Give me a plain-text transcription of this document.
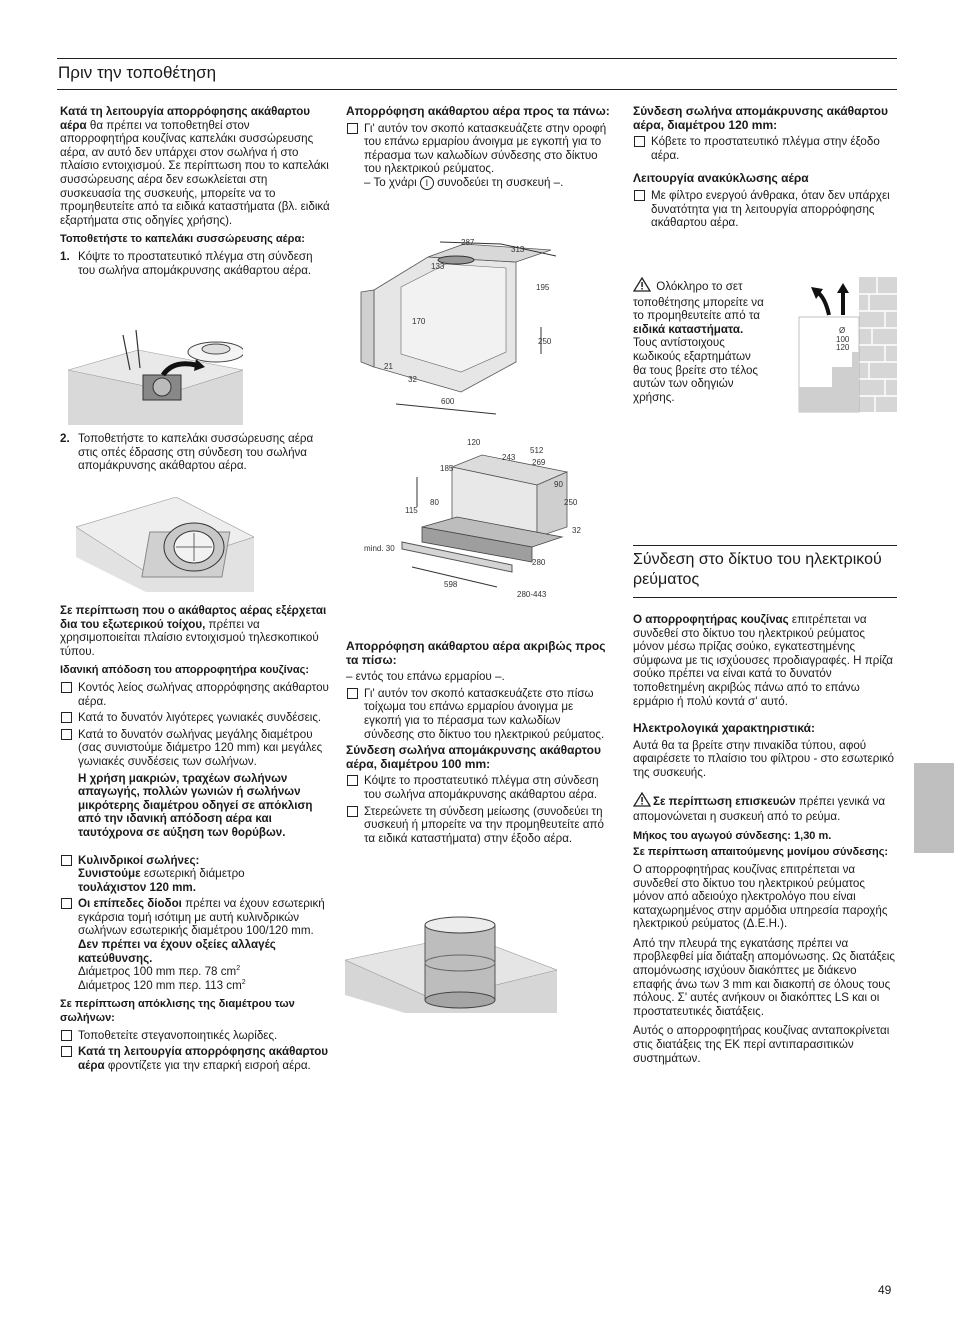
Πριν την τοποθέτηση

Κατά τη λειτουργία απορρόφησης ακάθαρτου αέρα θα πρέπει να τοποθετηθεί στον απορροφητήρα κουζίνας καπελάκι συσσώρευσης αέρα, αν αυτό δεν υπάρχει στον σωλήνα ή στο πλαίσιο εντοιχισμού. Σε περίπτωση που το καπελάκι συσσώρευσης αέρα δεν εσωκλείεται στη συσκευασία της συσκευής, μπορείτε να το προμηθευτείτε από τα ειδικά καταστήματα (βλ. ειδικά εξαρτήματα στις οδηγίες χρήσης).

Τοποθετήστε το καπελάκι συσσώρευσης αέρα:
1. Κόψτε το προστατευτικό πλέγμα στη σύνδεση του σωλήνα απομάκρυνσης ακάθαρτου αέρα.
2. Τοποθετήστε το καπελάκι συσσώρευσης αέρα στις οπές έδρασης στη σύνδεση του σωλήνα απομάκρυνσης ακάθαρτου αέρα.

Σε περίπτωση που ο ακάθαρτος αέρας εξέρχεται δια του εξωτερικού τοίχου, πρέπει να χρησιμοποιείται πλαίσιο εντοιχισμού τηλεσκοπικού τύπου.

Ιδανική απόδοση του απορροφητήρα κουζίνας:
Κοντός λείος σωλήνας απορρόφησης ακάθαρτου αέρα.
Κατά το δυνατόν λιγότερες γωνιακές συνδέσεις.
Κατά το δυνατόν σωλήνας μεγάλης διαμέτρου (σας συνιστούμε διάμετρο 120 mm) και μεγάλες γωνιακές συνδέσεις των σωλήνων.

Η χρήση μακριών, τραχέων σωλήνων απαγωγής, πολλών γωνιών ή σωλήνων μικρότερης διαμέτρου οδηγεί σε απόκλιση από την ιδανική απόδοση αέρα και ταυτόχρονα σε αύξηση των θορύβων.

Κυλινδρικοί σωλήνες:
Συνιστούμε εσωτερική διάμετρο
τουλάχιστον 120 mm.
Οι επίπεδες δίοδοι πρέπει να έχουν εσωτερική εγκάρσια τομή ισότιμη με αυτή κυλινδρικών σωλήνων εσωτερικής διαμέτρου 100/120 mm. Δεν πρέπει να έχουν οξείες αλλαγές κατεύθυνσης.
Διάμετρος 100 mm περ. 78 $cm^2$
Διάμετρος 120 mm περ. 113 $cm^2$
Σε περίπτωση απόκλισης της διαμέτρου των σωλήνων:
Τοποθετείτε στεγανοποιητικές λωρίδες.
Κατά τη λειτουργία απορρόφησης ακάθαρτου αέρα φροντίζετε για την επαρκή εισροή αέρα.
Απορρόφηση ακάθαρτου αέρα προς τα πάνω:
Γι' αυτόν τον σκοπό κατασκευάζετε στην οροφή του επάνω ερμαρίου άνοιγμα με εγκοπή για το πέρασμα των καλωδίων σύνδεσης στο δίκτυο του ηλεκτρικού ρεύματος.
– Το χνάρι I συνοδεύει τη συσκευή –.
287
313
133
195
170
250
21
32
600
120
512
243
269
185
90
80
115
250
32
mind. 30
598
280
280-443
Απορρόφηση ακάθαρτου αέρα ακριβώς προς τα πίσω:

– εντός του επάνω ερμαρίου –.

Γι' αυτόν τον σκοπό κατασκευάζετε στο πίσω τοίχωμα του επάνω ερμαρίου άνοιγμα με εγκοπή για το πέρασμα των καλωδίων σύνδεσης στο δίκτυο του ηλεκτρικού ρεύματος.
Σύνδεση σωλήνα απομάκρυνσης ακάθαρτου αέρα, διαμέτρου 100 mm:
Κόψτε το προστατευτικό πλέγμα στη σύνδεση του σωλήνα απομάκρυνσης ακάθαρτου αέρα.
Στερεώνετε τη σύνδεση μείωσης (συνοδεύει τη συσκευή ή μπορείτε να την προμηθευτείτε από τα ειδικά καταστήματα) στην έξοδο αέρα.
Σύνδεση σωλήνα απομάκρυνσης ακάθαρτου αέρα, διαμέτρου 120 mm:
Κόβετε το προστατευτικό πλέγμα στην έξοδο αέρα.
Λειτουργία ανακύκλωσης αέρα
Με φίλτρο ενεργού άνθρακα, όταν δεν υπάρχει δυνατότητα για τη λειτουργία απορρόφησης ακάθαρτου αέρα.
Ολόκληρο το σετ τοποθέτησης μπορείτε να το προμηθευτείτε από τα ειδικά καταστήματα. Τους αντίστοιχους κωδικούς εξαρτημάτων θα τους βρείτε στο τέλος αυτών των οδηγιών χρήσης.
Ø
100
120
Σύνδεση στο δίκτυο του ηλεκτρικού ρεύματος

Ο απορροφητήρας κουζίνας επιτρέπεται να συνδεθεί στο δίκτυο του ηλεκτρικού ρεύματος μόνον μέσω πρίζας σούκο, εγκατεστημένης σύμφωνα με τις ισχύουσες προδιαγραφές. Η πρίζα σούκο πρέπει να είναι κατά το δυνατόν τοποθετημένη ακριβώς πάνω από το επάνω ερμάριο ή πολύ κοντά σ' αυτό.

Ηλεκτρολογικά χαρακτηριστικά:

Αυτά θα τα βρείτε στην πινακίδα τύπου, αφού αφαιρέσετε το πλαίσιο του φίλτρου - στο εσωτερικό της συσκευής.

Σε περίπτωση επισκευών πρέπει γενικά να απομονώνεται η συσκευή από το ρεύμα.

Μήκος του αγωγού σύνδεσης: 1,30 m.
Σε περίπτωση απαιτούμενης μονίμου σύνδεσης:

Ο απορροφητήρας κουζίνας επιτρέπεται να συνδεθεί στο δίκτυο του ηλεκτρικού ρεύματος μόνον από αδειούχο ηλεκτρολόγο που είναι καταχωρημένος στην αρμόδια υπηρεσία παροχής ηλεκτρικού ρεύματος (Δ.Ε.Η.).

Από την πλευρά της εγκατάσης πρέπει να προβλεφθεί μία διάταξη απομόνωσης. Ως διατάξεις απομόνωσης ισχύουν διακόπτες με διάκενο επαφής άνω των 3 mm και διακοπή σε όλους τους πόλους. Σ' αυτές ανήκουν οι διακόπτες LS και οι προστατευτικές διατάξεις.

Αυτός ο απορροφητήρας κουζίνας ανταποκρίνεται στις διατάξεις της ΕΚ περί αντιπαρασιτικών συστημάτων.

49
